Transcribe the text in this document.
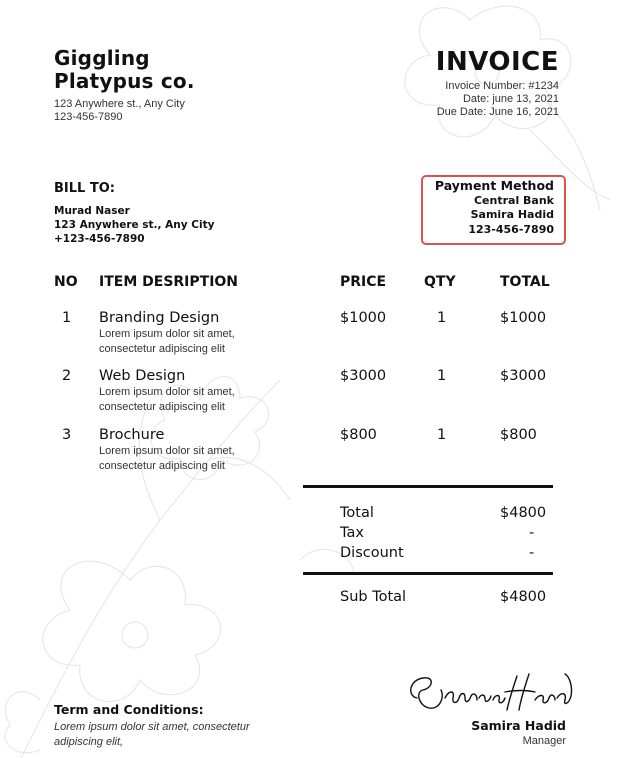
Giggling
Platypus co.
123 Anywhere st., Any City
123-456-7890
INVOICE
Invoice Number: #1234
Date: june 13, 2021
Due Date: June 16, 2021
BILL TO:
Murad Naser
123 Anywhere st., Any City
+123-456-7890
Payment Method
Central Bank
Samira Hadid
123-456-7890
NO ITEM DESRIPTION	PRICE	QTY	TOTAL
1 Branding Design
Lorem ipsum dolor sit amet,
consectetur adipiscing elit
$1000	1	$1000
2 Web Design
Lorem ipsum dolor sit amet,
consectetur adipiscing elit
$3000	1	$3000
3 Brochure
Lorem ipsum dolor sit amet,
consectetur adipiscing elit
$800	1	$800
Total	$4800
Tax	-
Discount	-
Sub Total	$4800
Term and Conditions:
Lorem ipsum dolor sit amet, consectetur
adipiscing elit,
Samira Hadid
Manager
